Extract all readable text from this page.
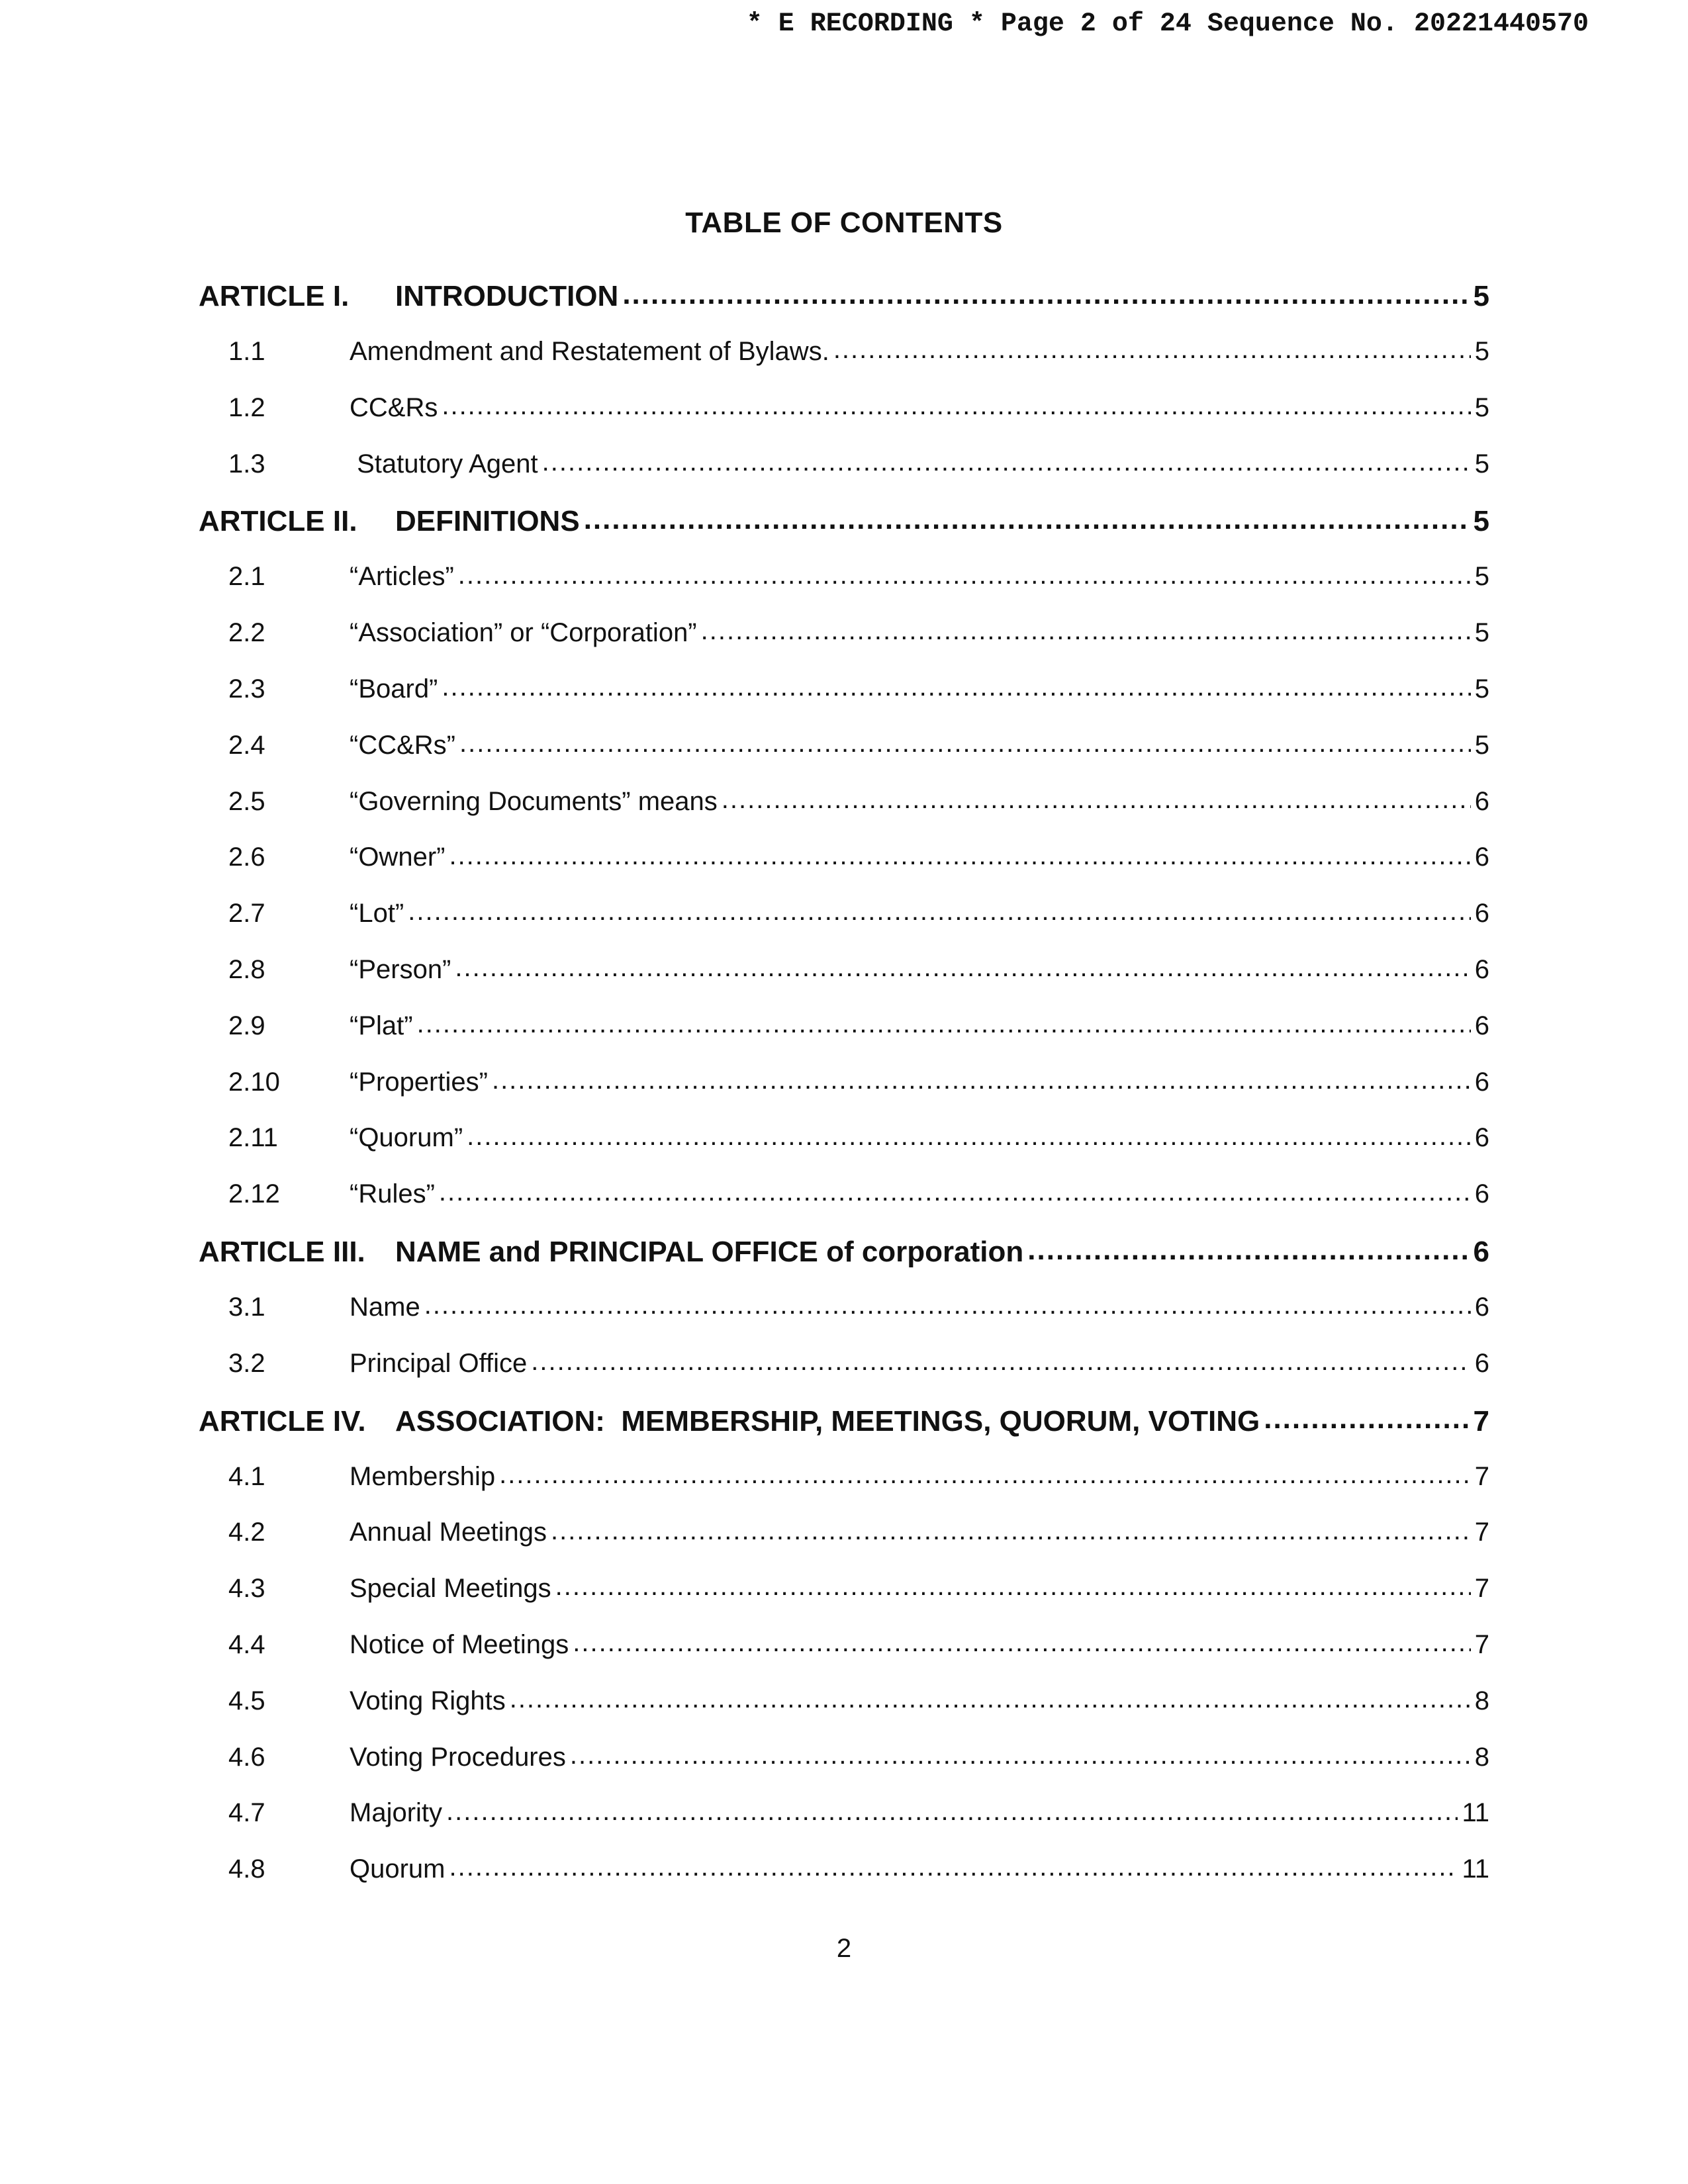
* E RECORDING * Page 2 of 24 Sequence No. 20221440570
TABLE OF CONTENTS
ARTICLE I.	INTRODUCTION .....	5
1.1	Amendment and Restatement of Bylaws. .....	5
1.2	CC&Rs .....	5
1.3	Statutory Agent .....	5
ARTICLE II.	DEFINITIONS .....	5
2.1	“Articles” .....	5
2.2	“Association” or “Corporation” .....	5
2.3	“Board” .....	5
2.4	“CC&Rs” .....	5
2.5	“Governing Documents” means .....	6
2.6	“Owner” .....	6
2.7	“Lot” .....	6
2.8	“Person” .....	6
2.9	“Plat” .....	6
2.10	“Properties” .....	6
2.11	“Quorum” .....	6
2.12	“Rules” .....	6
ARTICLE III.	NAME and PRINCIPAL OFFICE of corporation .....	6
3.1	Name .....	6
3.2	Principal Office .....	6
ARTICLE IV.	ASSOCIATION:  MEMBERSHIP, MEETINGS, QUORUM, VOTING .....	7
4.1	Membership .....	7
4.2	Annual Meetings .....	7
4.3	Special Meetings .....	7
4.4	Notice of Meetings .....	7
4.5	Voting Rights .....	8
4.6	Voting Procedures .....	8
4.7	Majority .....	11
4.8	Quorum .....	11
2
